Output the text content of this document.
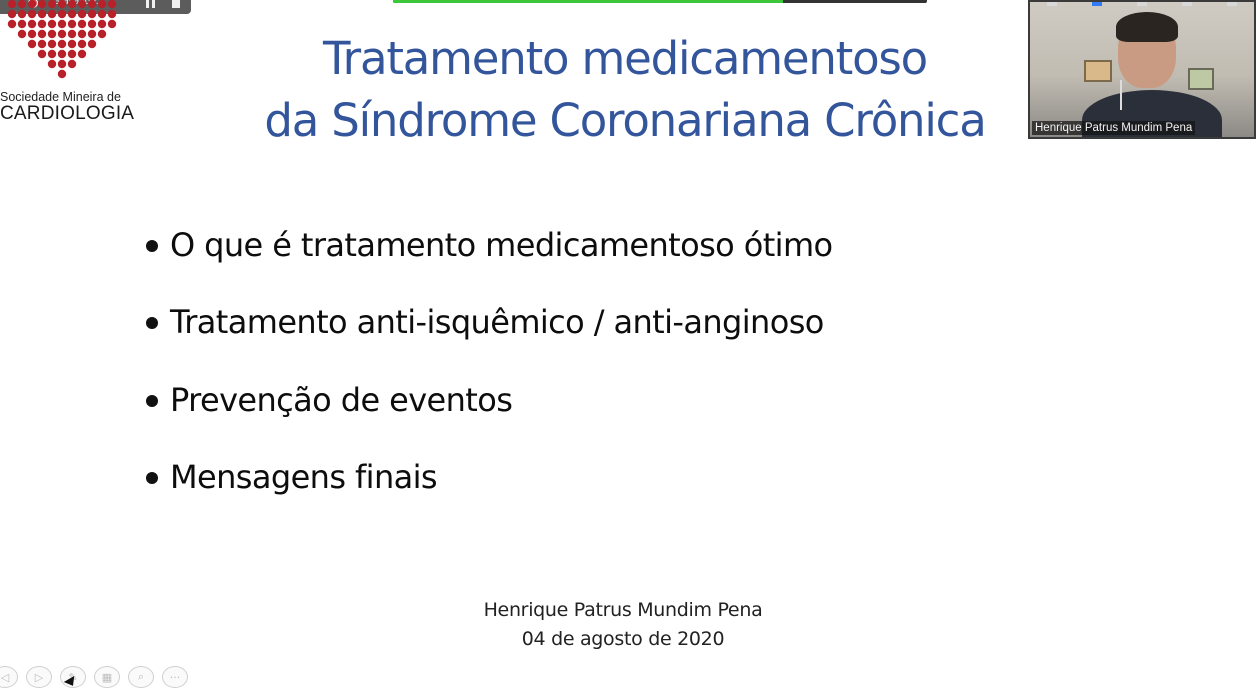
Sociedade Mineira de
CARDIOLOGIA
Tratamento medicamentoso
da Síndrome Coronariana Crônica
O que é tratamento medicamentoso ótimo
Tratamento anti-isquêmico / anti-anginoso
Prevenção de eventos
Mensagens finais
Henrique Patrus Mundim Pena
04 de agosto de 2020
◁ ▷ ✎ ▦ ⌕ ···
Henrique Patrus Mundim Pena
